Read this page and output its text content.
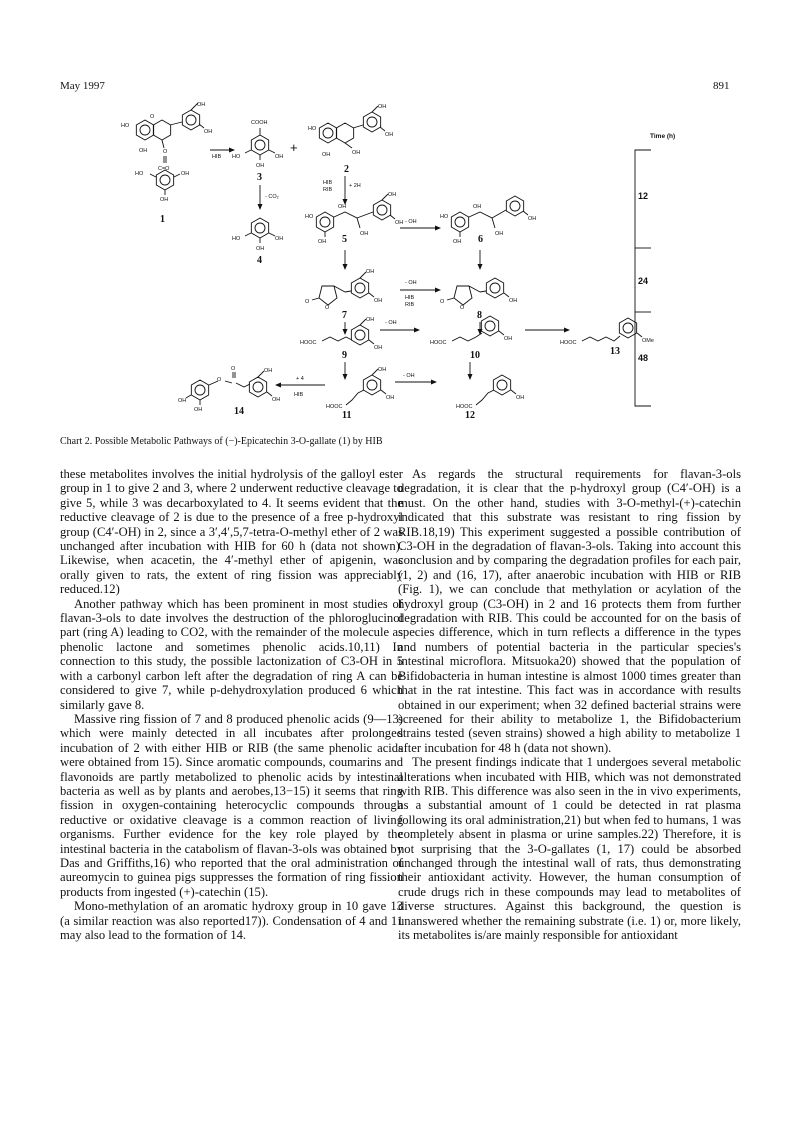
May 1997	891
OH
HO
O
OH
OH	O
C=O
HO	OH
OH
1
HIB
COOH
HO	OH
OH
3
+
- CO₂
HO	OH
OH
4
OH
HO
OH
OH
OH
2
HIB
RIB
+ 2H
OH
HO
OH
OH
OH
OH 5
- OH
HO
OH
OH
OH
OH 6
OH
O
O
OH
7
- OH
HIB
RIB	O
O
OH
8
OH
HOOC
OH
9
- OH
HOOC
OH
10
HOOC	OMe
13
OH
HOOC
OH
11
- OH
HOOC
OH
12
+ 4
HIB
O
O	OH
OH	OH
OH	14
Time (h)
12
24
48
Chart 2. Possible Metabolic Pathways of (−)-Epicatechin 3-O-gallate (1) by HIB

these metabolites involves the initial hydrolysis of the galloyl ester group in 1 to give 2 and 3, where 2 underwent reductive cleavage to give 5, while 3 was decarboxylated to 4. It seems evident that the reductive cleavage of 2 is due to the presence of a free p-hydroxyl group (C4′-OH) in 2, since a 3′,4′,5,7-tetra-O-methyl ether of 2 was unchanged after incubation with HIB for 60 h (data not shown). Likewise, when acacetin, the 4′-methyl ether of apigenin, was orally given to rats, the extent of ring fission was appreciably reduced.12)

Another pathway which has been prominent in most studies of flavan-3-ols to date involves the destruction of the phloroglucinol part (ring A) leading to CO2, with the remainder of the molecule as phenolic lactone and sometimes phenolic acids.10,11) In connection to this study, the possible lactonization of C3-OH in 5 with a carbonyl carbon left after the degradation of ring A can be considered to give 7, while p-dehydroxylation produced 6 which similarly gave 8.

Massive ring fission of 7 and 8 produced phenolic acids (9—13) which were mainly detected in all incubates after prolonged incubation of 2 with either HIB or RIB (the same phenolic acids were obtained from 15). Since aromatic compounds, coumarins and flavonoids are partly metabolized to phenolic acids by intestinal bacteria as well as by plants and aerobes,13−15) it seems that ring fission in oxygen-containing heterocyclic compounds through reductive or oxidative cleavage is a common reaction of living organisms. Further evidence for the key role played by the intestinal bacteria in the catabolism of flavan-3-ols was obtained by Das and Griffiths,16) who reported that the oral administration of aureomycin to guinea pigs suppresses the formation of ring fission products from ingested (+)-catechin (15).

Mono-methylation of an aromatic hydroxy group in 10 gave 13 (a similar reaction was also reported17)). Condensation of 4 and 11 may also lead to the formation of 14.

As regards the structural requirements for flavan-3-ols degradation, it is clear that the p-hydroxyl group (C4′-OH) is a must. On the other hand, studies with 3-O-methyl-(+)-catechin indicated that this substrate was resistant to ring fission by RIB.18,19) This experiment suggested a possible contribution of C3-OH in the degradation of flavan-3-ols. Taking into account this conclusion and by comparing the degradation profiles for each pair, (1, 2) and (16, 17), after anaerobic incubation with HIB or RIB (Fig. 1), we can conclude that methylation or acylation of the hydroxyl group (C3-OH) in 2 and 16 protects them from further degradation with RIB. This could be accounted for on the basis of species difference, which in turn reflects a difference in the types and numbers of potential bacteria in the particular species's intestinal microflora. Mitsuoka20) showed that the population of Bifidobacteria in human intestine is almost 1000 times greater than that in the rat intestine. This fact was in accordance with results obtained in our experiment; when 32 defined bacterial strains were screened for their ability to metabolize 1, the Bifidobacterium strains tested (seven strains) showed a high ability to metabolize 1 after incubation for 48 h (data not shown).

The present findings indicate that 1 undergoes several metabolic alterations when incubated with HIB, which was not demonstrated with RIB. This difference was also seen in the in vivo experiments, as a substantial amount of 1 could be detected in rat plasma following its oral administration,21) but when fed to humans, 1 was completely absent in plasma or urine samples.22) Therefore, it is not surprising that the 3-O-gallates (1, 17) could be absorbed unchanged through the intestinal wall of rats, thus demonstrating their antioxidant activity. However, the human consumption of crude drugs rich in these compounds may lead to metabolites of diverse structures. Against this background, the question is unanswered whether the remaining substrate (i.e. 1) or, more likely, its metabolites is/are mainly responsible for antioxidant
